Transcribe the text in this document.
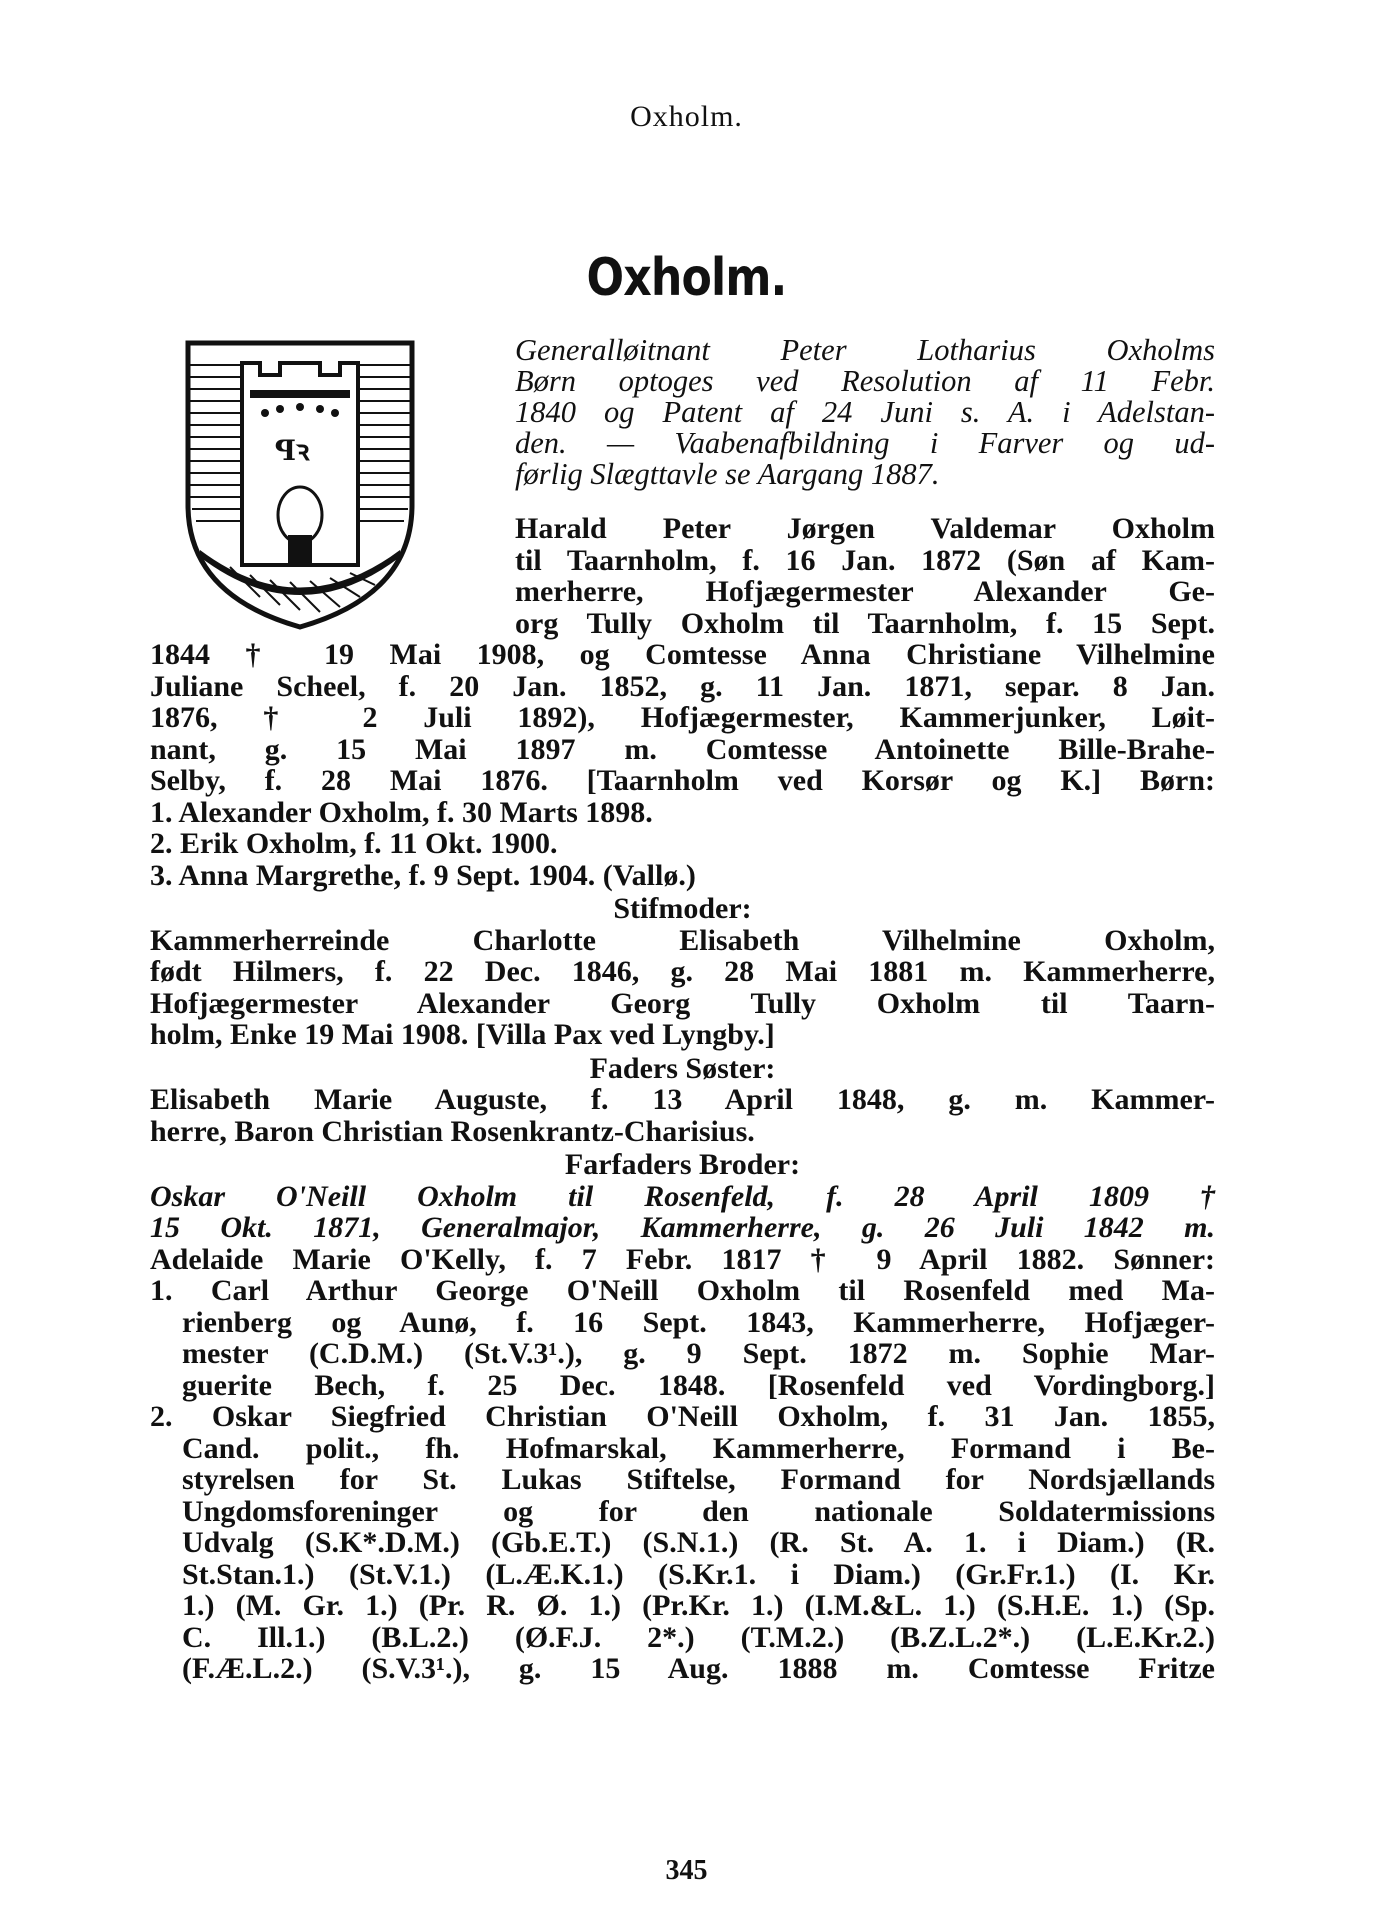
Oxholm.
Oxholm.
ꟼꝛ
Generalløitnant Peter Lotharius Oxholms
Børn optoges ved Resolution af 11 Febr.
1840 og Patent af 24 Juni s. A. i Adelstan-
den. — Vaabenafbildning i Farver og ud-
førlig Slægttavle se Aargang 1887.
Harald Peter Jørgen Valdemar Oxholm
til Taarnholm, f. 16 Jan. 1872 (Søn af Kam-
merherre, Hofjægermester Alexander Ge-
org Tully Oxholm til Taarnholm, f. 15 Sept.
1844 † 19 Mai 1908, og Comtesse Anna Christiane Vilhelmine
Juliane Scheel, f. 20 Jan. 1852, g. 11 Jan. 1871, separ. 8 Jan.
1876, † 2 Juli 1892), Hofjægermester, Kammerjunker, Løit-
nant, g. 15 Mai 1897 m. Comtesse Antoinette Bille-Brahe-
Selby, f. 28 Mai 1876. [Taarnholm ved Korsør og K.] Børn:
1. Alexander Oxholm, f. 30 Marts 1898.
2. Erik Oxholm, f. 11 Okt. 1900.
3. Anna Margrethe, f. 9 Sept. 1904. (Vallø.)
Stifmoder:
Kammerherreinde Charlotte Elisabeth Vilhelmine Oxholm,
født Hilmers, f. 22 Dec. 1846, g. 28 Mai 1881 m. Kammerherre,
Hofjægermester Alexander Georg Tully Oxholm til Taarn-
holm, Enke 19 Mai 1908. [Villa Pax ved Lyngby.]
Faders Søster:
Elisabeth Marie Auguste, f. 13 April 1848, g. m. Kammer-
herre, Baron Christian Rosenkrantz-Charisius.
Farfaders Broder:
Oskar O'Neill Oxholm til Rosenfeld, f. 28 April 1809 †
15 Okt. 1871, Generalmajor, Kammerherre, g. 26 Juli 1842 m.
Adelaide Marie O'Kelly, f. 7 Febr. 1817 † 9 April 1882. Sønner:
1. Carl Arthur George O'Neill Oxholm til Rosenfeld med Ma-
rienberg og Aunø, f. 16 Sept. 1843, Kammerherre, Hofjæger-
mester (C.D.M.) (St.V.3¹.), g. 9 Sept. 1872 m. Sophie Mar-
guerite Bech, f. 25 Dec. 1848. [Rosenfeld ved Vordingborg.]
2. Oskar Siegfried Christian O'Neill Oxholm, f. 31 Jan. 1855,
Cand. polit., fh. Hofmarskal, Kammerherre, Formand i Be-
styrelsen for St. Lukas Stiftelse, Formand for Nordsjællands
Ungdomsforeninger og for den nationale Soldatermissions
Udvalg (S.K*.D.M.) (Gb.E.T.) (S.N.1.) (R. St. A. 1. i Diam.) (R.
St.Stan.1.) (St.V.1.) (L.Æ.K.1.) (S.Kr.1. i Diam.) (Gr.Fr.1.) (I. Kr.
1.) (M. Gr. 1.) (Pr. R. Ø. 1.) (Pr.Kr. 1.) (I.M.&L. 1.) (S.H.E. 1.) (Sp.
C. Ill.1.) (B.L.2.) (Ø.F.J. 2*.) (T.M.2.) (B.Z.L.2*.) (L.E.Kr.2.)
(F.Æ.L.2.) (S.V.3¹.), g. 15 Aug. 1888 m. Comtesse Fritze
345
